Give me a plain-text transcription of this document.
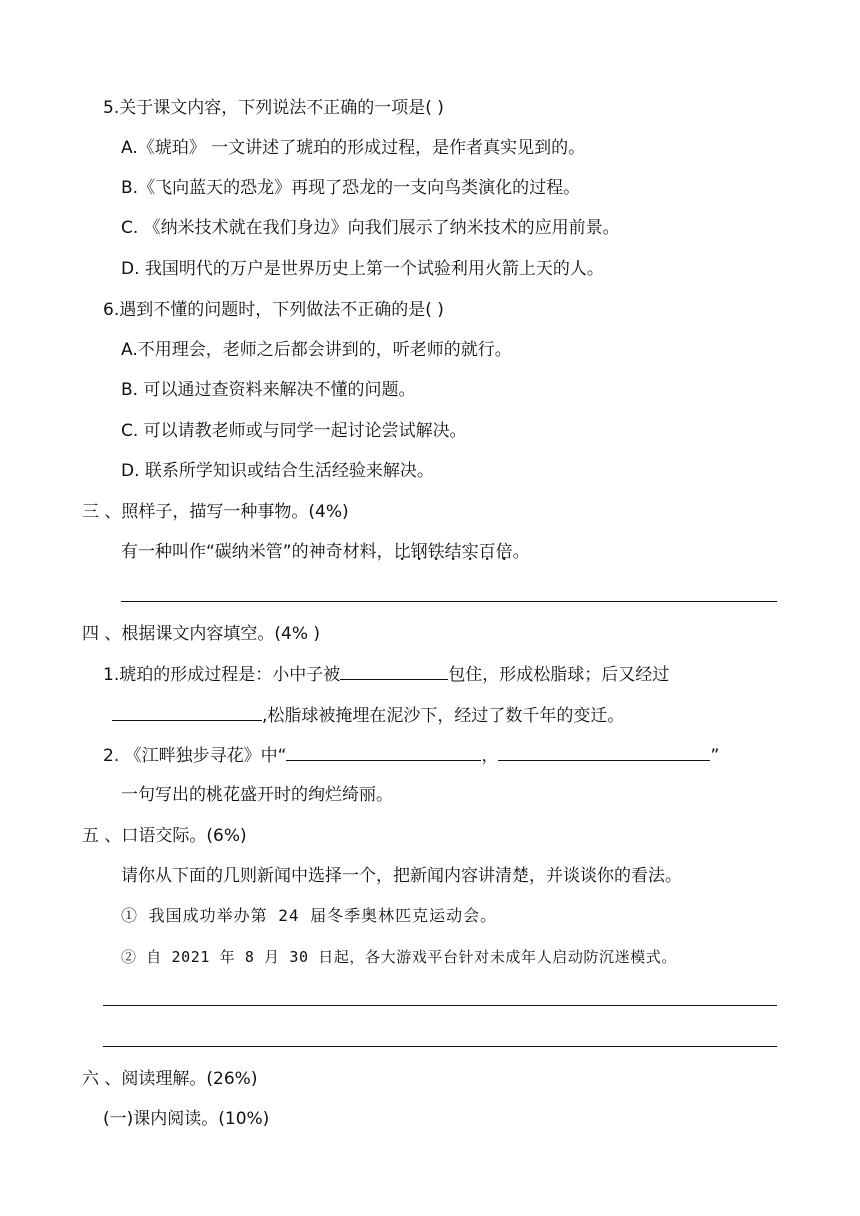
5.关于课文内容，下列说法不正确的一项是( )
A.《琥珀》 一文讲述了琥珀的形成过程，是作者真实见到的。
B.《飞向蓝天的恐龙》再现了恐龙的一支向鸟类演化的过程。
C. 《纳米技术就在我们身边》向我们展示了纳米技术的应用前景。
D. 我国明代的万户是世界历史上第一个试验利用火箭上天的人。
6.遇到不懂的问题时，下列做法不正确的是( )
A.不用理会，老师之后都会讲到的，听老师的就行。
B. 可以通过查资料来解决不懂的问题。
C. 可以请教老师或与同学一起讨论尝试解决。
D. 联系所学知识或结合生活经验来解决。
三 、照样子，描写一种事物。(4%)
有一种叫作“碳纳米管”的神奇材料，比钢铁结实百倍。
四 、根据课文内容填空。(4% )
1.琥珀的形成过程是：小中子被	包住，形成松脂球；后又经过
,松脂球被掩埋在泥沙下，经过了数千年的变迁。
2. 《江畔独步寻花》中“	，	”
一句写出的桃花盛开时的绚烂绮丽。
五 、口语交际。(6%)
请你从下面的几则新闻中选择一个，把新闻内容讲清楚，并谈谈你的看法。
① 我国成功举办第 24 届冬季奥林匹克运动会。
② 自 2021 年 8 月 30 日起，各大游戏平台针对未成年人启动防沉迷模式。
六 、阅读理解。(26%)
(一)课内阅读。(10%)
